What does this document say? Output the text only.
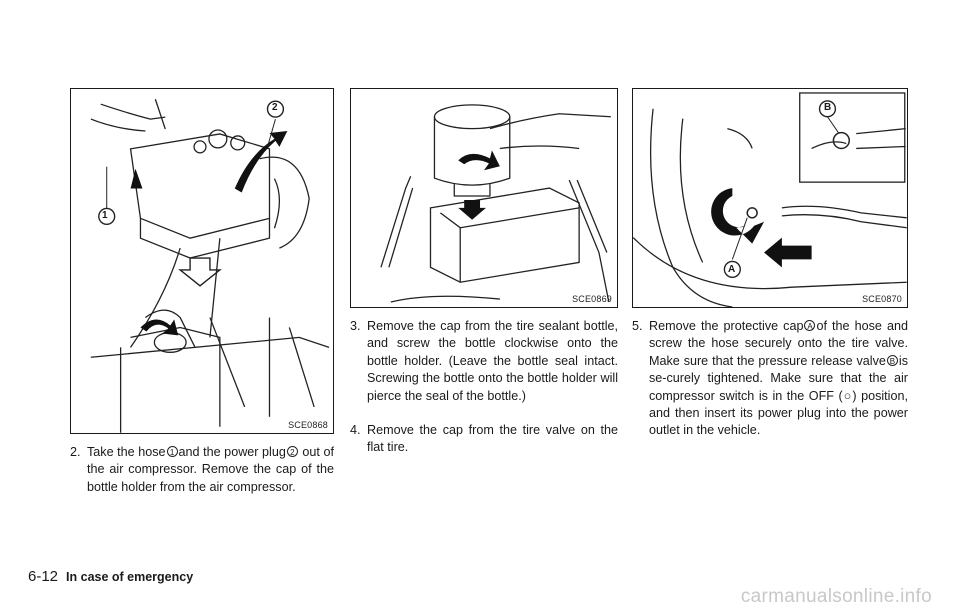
1
2
SCE0868
SCE0869
A
B
SCE0870
2. Take the hose 1 and the power plug 2 out of the air compressor. Remove the cap of the bottle holder from the air compressor.
3. Remove the cap from the tire sealant bottle, and screw the bottle clockwise onto the bottle holder. (Leave the bottle seal intact. Screwing the bottle onto the bottle holder will pierce the seal of the bottle.)
4. Remove the cap from the tire valve on the flat tire.
5. Remove the protective cap A of the hose and screw the hose securely onto the tire valve. Make sure that the pressure release valve B is se-curely tightened. Make sure that the air compressor switch is in the OFF (○) position, and then insert its power plug into the power outlet in the vehicle.
6-12 In case of emergency
carmanualsonline.info
